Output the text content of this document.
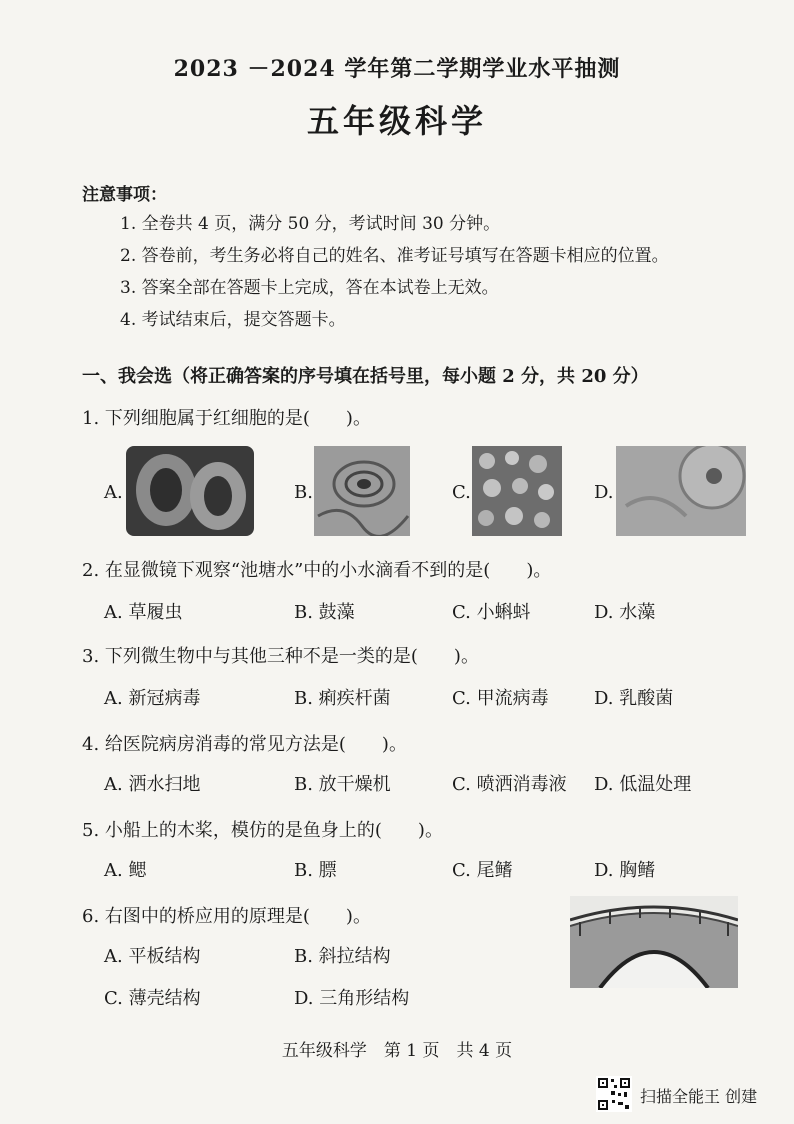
2023 －2024 学年第二学期学业水平抽测
五年级科学
注意事项：
1. 全卷共 4 页，满分 50 分，考试时间 30 分钟。
2. 答卷前，考生务必将自己的姓名、准考证号填写在答题卡相应的位置。
3. 答案全部在答题卡上完成，答在本试卷上无效。
4. 考试结束后，提交答题卡。
一、我会选（将正确答案的序号填在括号里，每小题 2 分，共 20 分）
1. 下列细胞属于红细胞的是(　　)。
A.	B.	C.	D.
2. 在显微镜下观察“池塘水”中的小水滴看不到的是(　　)。
A. 草履虫	B. 鼓藻	C. 小蝌蚪	D. 水藻
3. 下列微生物中与其他三种不是一类的是(　　)。
A. 新冠病毒	B. 痢疾杆菌	C. 甲流病毒	D. 乳酸菌
4. 给医院病房消毒的常见方法是(　　)。
A. 洒水扫地	B. 放干燥机	C. 喷洒消毒液 D. 低温处理
5. 小船上的木桨，模仿的是鱼身上的(　　)。
A. 鳃	B. 膘	C. 尾鳍	D. 胸鳍
6. 右图中的桥应用的原理是(　　)。
A. 平板结构	B. 斜拉结构
C. 薄壳结构	D. 三角形结构
五年级科学　第 1 页　共 4 页
扫描全能王 创建
